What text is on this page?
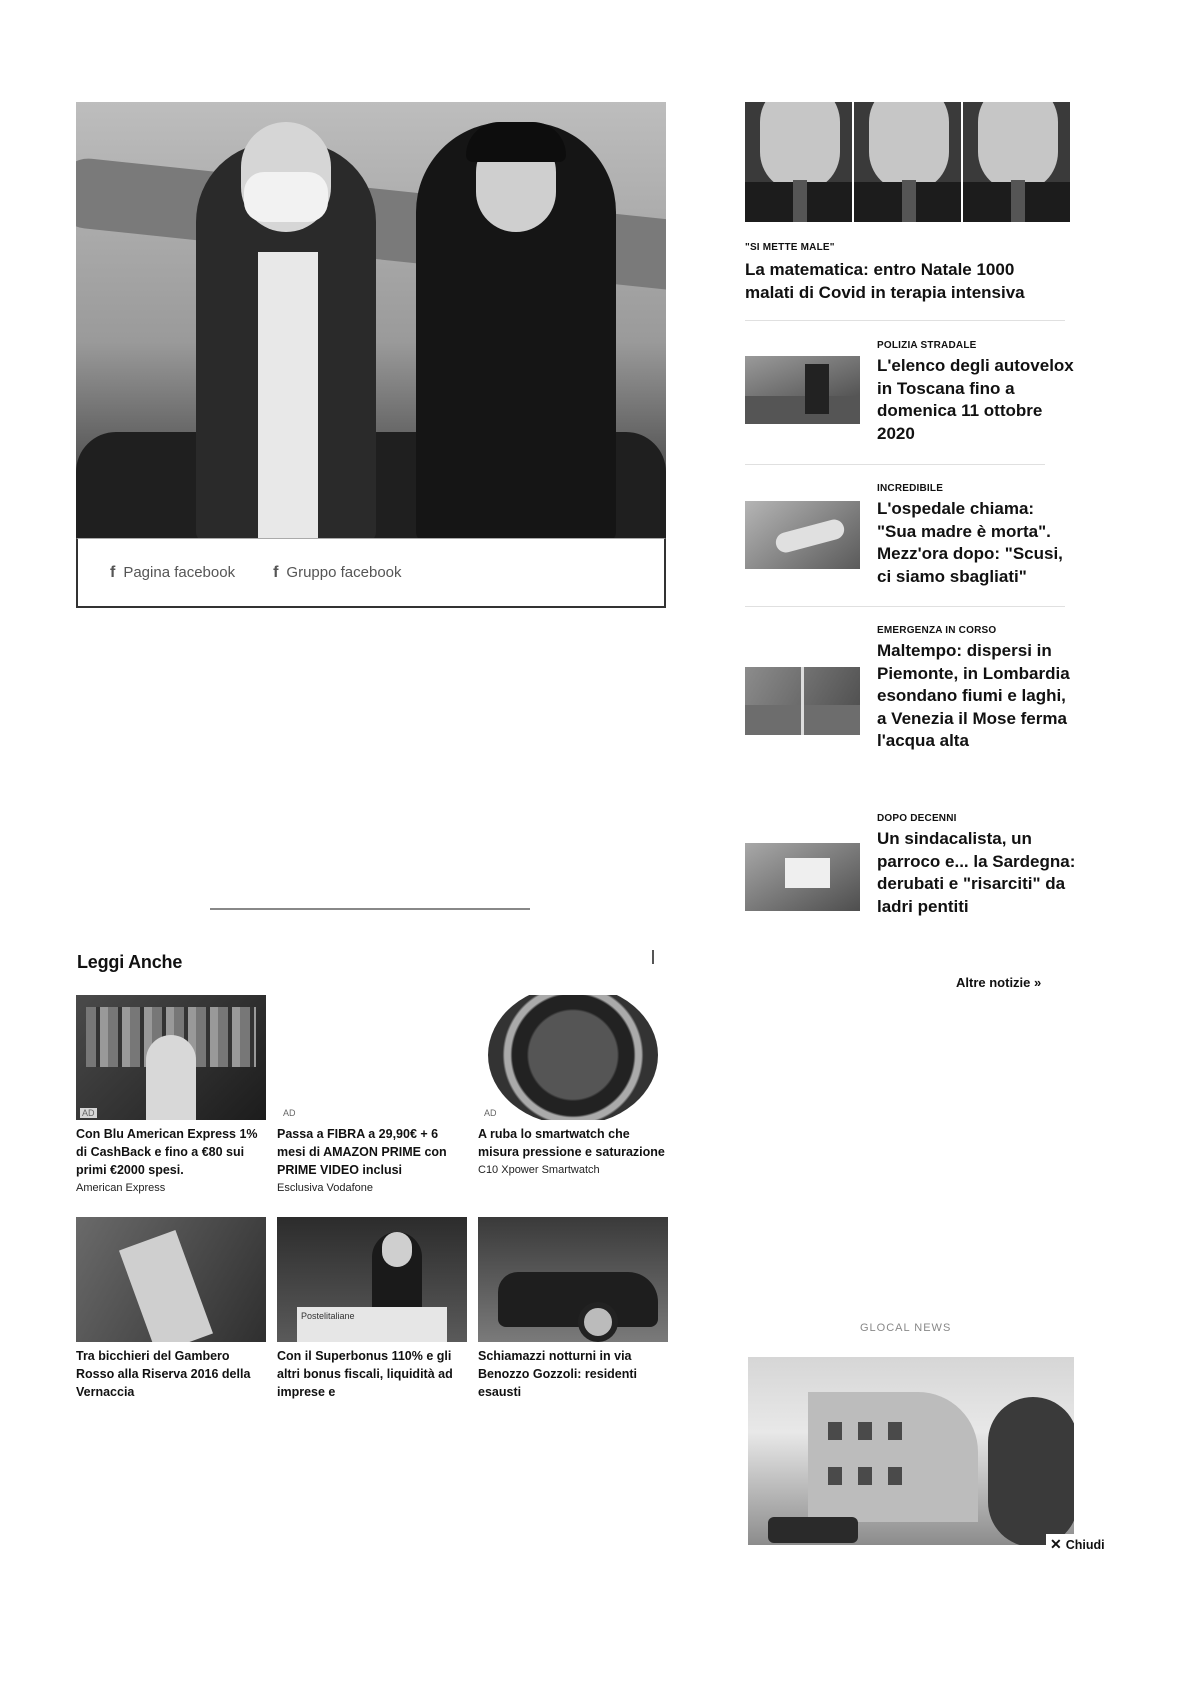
f Pagina facebook f Gruppo facebook
Leggi Anche
AD
Con Blu American Express 1% di CashBack e fino a €80 sui primi €2000 spesi.
American Express
AD
Passa a FIBRA a 29,90€ + 6 mesi di AMAZON PRIME con PRIME VIDEO inclusi
Esclusiva Vodafone
AD
A ruba lo smartwatch che misura pressione e saturazione
C10 Xpower Smartwatch
Tra bicchieri del Gambero Rosso alla Riserva 2016 della Vernaccia
Postelitaliane
Con il Superbonus 110% e gli altri bonus fiscali, liquidità ad imprese e
Schiamazzi notturni in via Benozzo Gozzoli: residenti esausti
"SI METTE MALE"
La matematica: entro Natale 1000 malati di Covid in terapia intensiva
POLIZIA STRADALE
L'elenco degli autovelox in Toscana fino a domenica 11 ottobre 2020
INCREDIBILE
L'ospedale chiama: "Sua madre è morta". Mezz'ora dopo: "Scusi, ci siamo sbagliati"
EMERGENZA IN CORSO
Maltempo: dispersi in Piemonte, in Lombardia esondano fiumi e laghi, a Venezia il Mose ferma l'acqua alta
DOPO DECENNI
Un sindacalista, un parroco e... la Sardegna: derubati e "risarciti" da ladri pentiti
Altre notizie »
GLOCAL NEWS
✕ Chiudi
